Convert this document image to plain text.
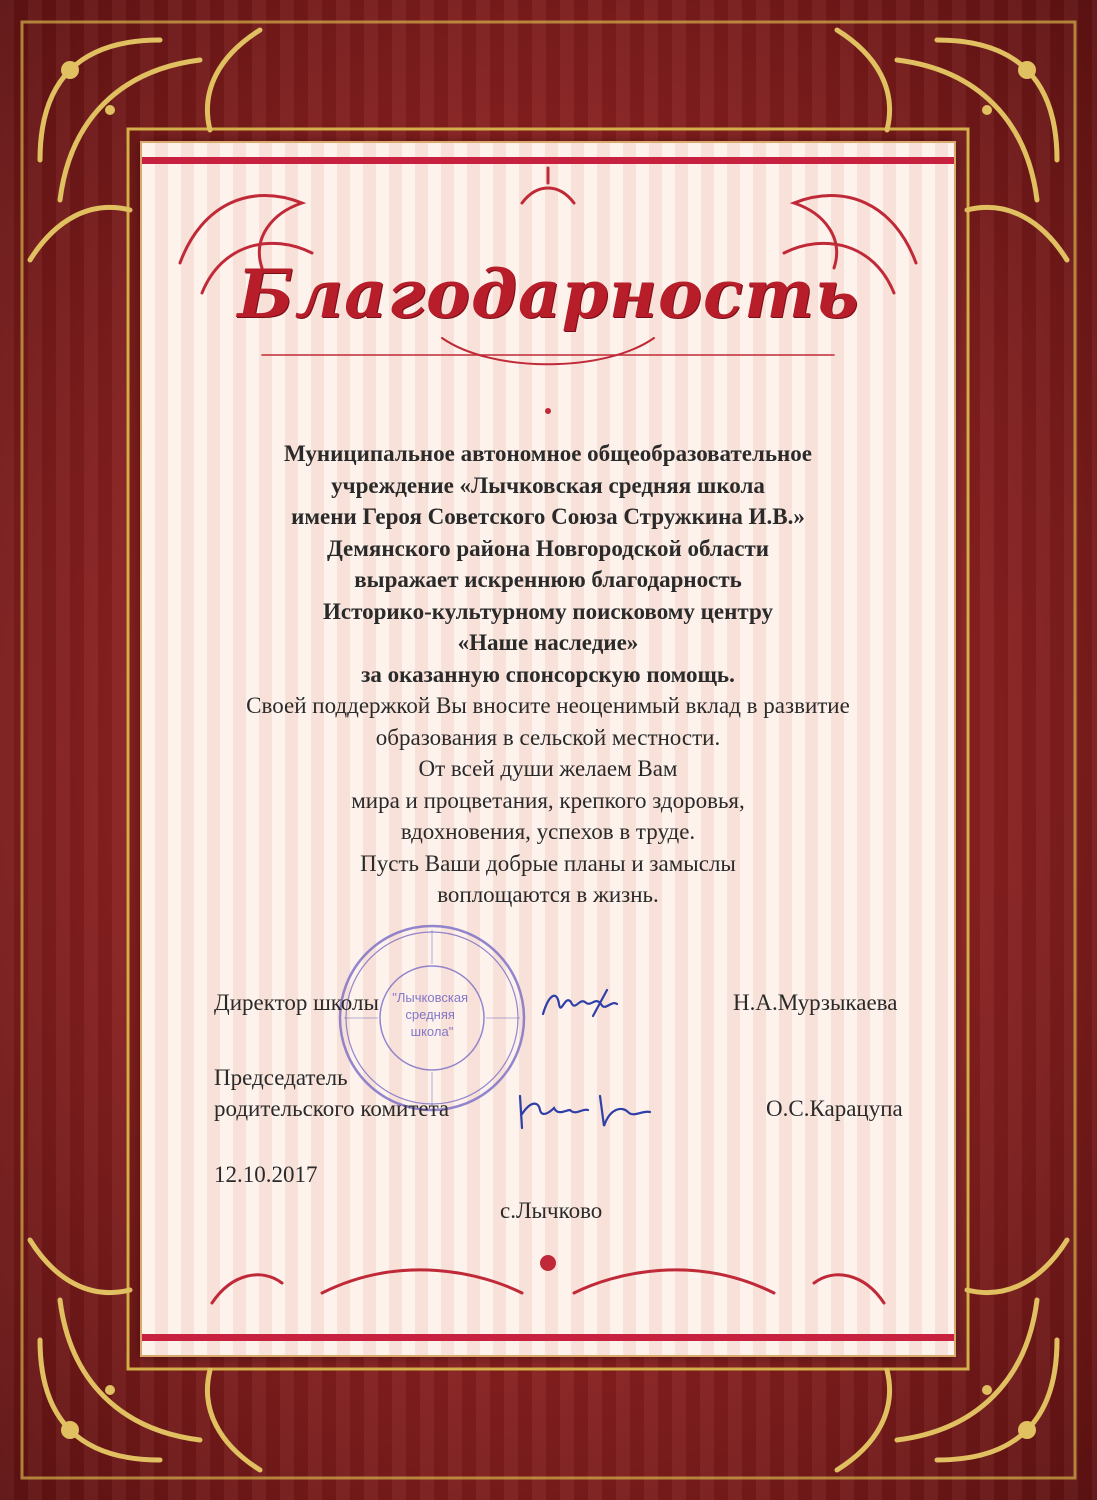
Благодарность
Муниципальное автономное общеобразовательное
учреждение «Лычковская средняя школа
имени Героя Советского Союза Стружкина И.В.»
Демянского района Новгородской области
выражает искреннюю благодарность
Историко-культурному поисковому центру
«Наше наследие»
за оказанную спонсорскую помощь.
Своей поддержкой Вы вносите неоценимый вклад в развитие
образования в сельской местности.
От всей души желаем Вам
мира и процветания, крепкого здоровья,
вдохновения, успехов в труде.
Пусть Ваши добрые планы и замыслы
воплощаются в жизнь.
"Лычковская средняя школа"
Директор школы	Н.А.Мурзыкаева
Председатель
родительского комитета	О.С.Карацупа
12.10.2017
с.Лычково
